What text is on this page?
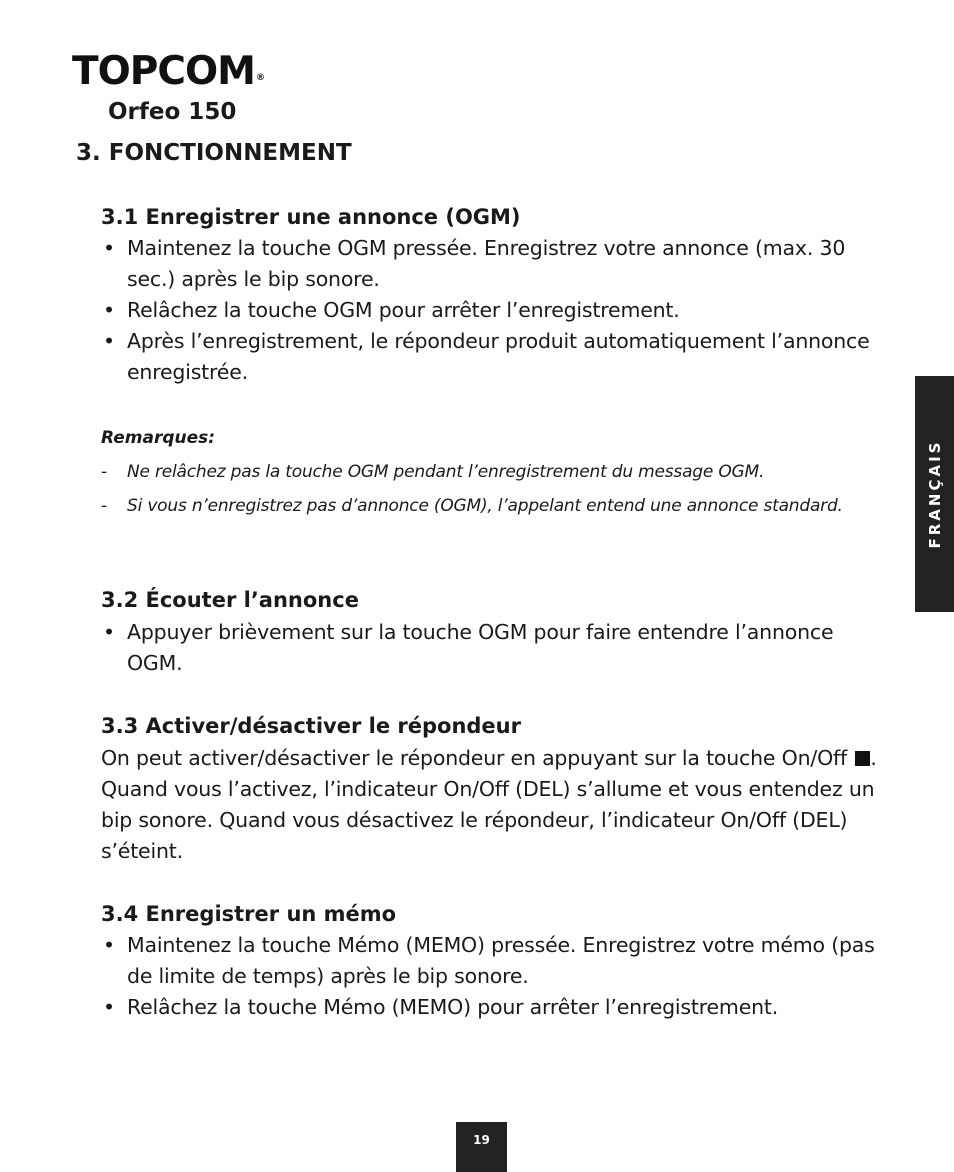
TOPCOM®
Orfeo 150
3. FONCTIONNEMENT
3.1 Enregistrer une annonce (OGM)
• Maintenez la touche OGM pressée. Enregistrez votre annonce (max. 30 sec.) après le bip sonore.
• Relâchez la touche OGM pour arrêter l’enregistrement.
• Après l’enregistrement, le répondeur produit automatiquement l’annonce enregistrée.
Remarques:
- Ne relâchez pas la touche OGM pendant l’enregistrement du message OGM.
- Si vous n’enregistrez pas d’annonce (OGM), l’appelant entend une annonce standard.
3.2 Écouter l’annonce
• Appuyer brièvement sur la touche OGM pour faire entendre l’annonce OGM.
3.3 Activer/désactiver le répondeur

On peut activer/désactiver le répondeur en appuyant sur la touche On/Off . Quand vous l’activez, l’indicateur On/Off (DEL) s’allume et vous entendez un bip sonore. Quand vous désactivez le répondeur, l’indicateur On/Off (DEL) s’éteint.

3.4 Enregistrer un mémo
• Maintenez la touche Mémo (MEMO) pressée. Enregistrez votre mémo (pas de limite de temps) après le bip sonore.
• Relâchez la touche Mémo (MEMO) pour arrêter l’enregistrement.
FRANÇAIS
19
